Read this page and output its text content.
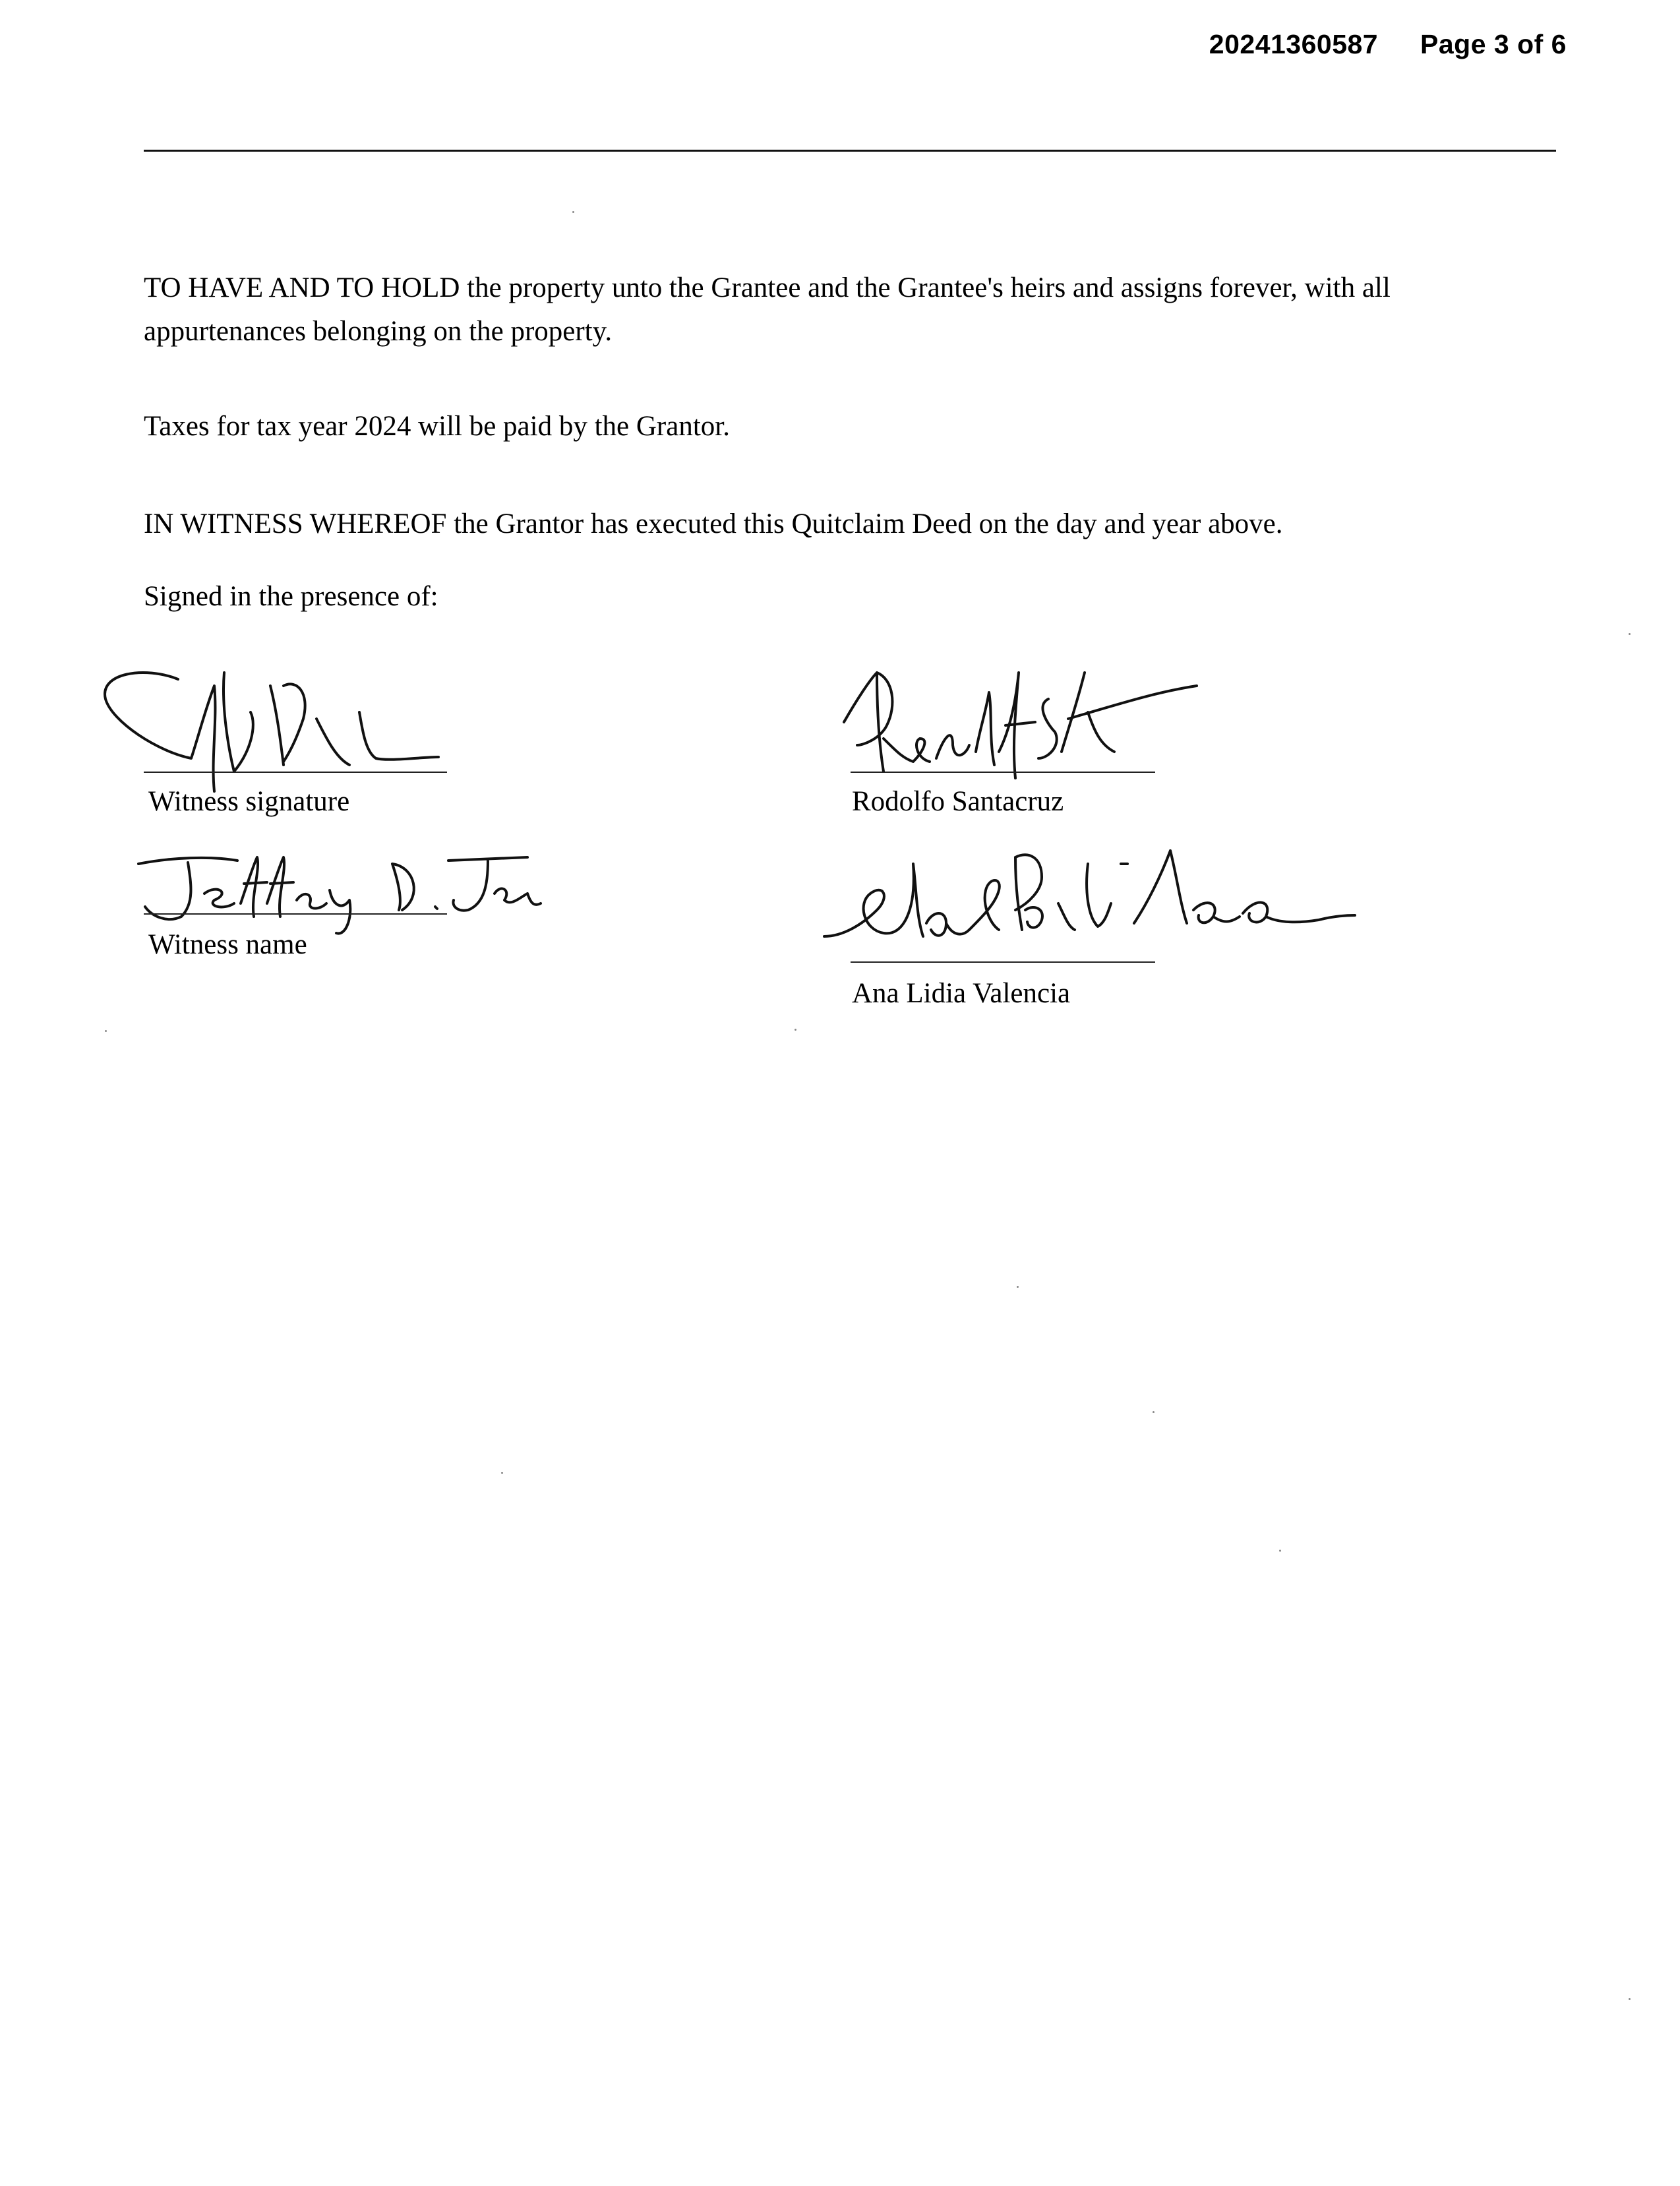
20241360587 Page 3 of 6
TO HAVE AND TO HOLD the property unto the Grantee and the Grantee's heirs and assigns forever, with all
appurtenances belonging on the property.
Taxes for tax year 2024 will be paid by the Grantor.
IN WITNESS WHEREOF the Grantor has executed this Quitclaim Deed on the day and year above.
Signed in the presence of:
Witness signature
Witness name
Rodolfo Santacruz
Ana Lidia Valencia
